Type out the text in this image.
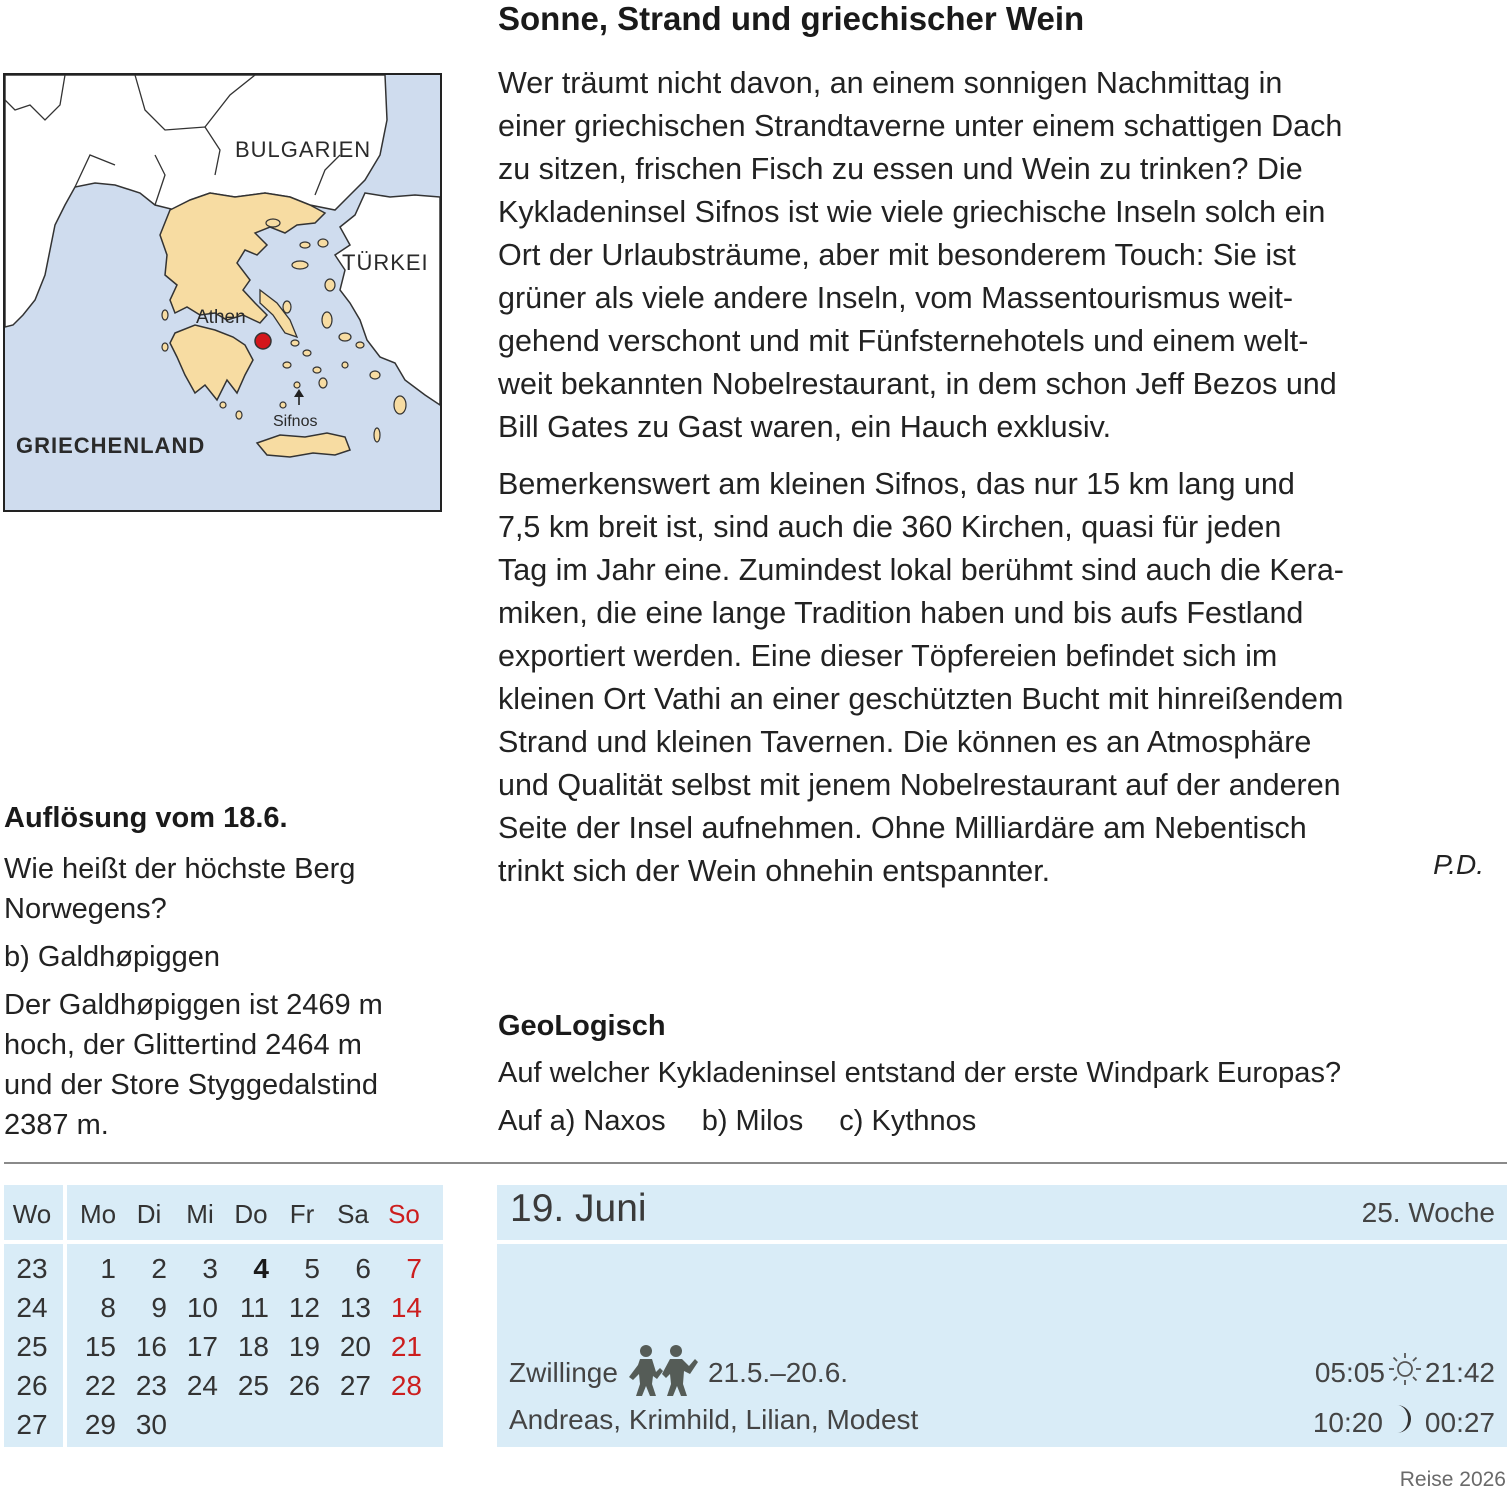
Sonne, Strand und griechischer Wein
Wer träumt nicht davon, an einem sonnigen Nachmittag in
einer griechischen Strandtaverne unter einem schattigen Dach
zu sitzen, frischen Fisch zu essen und Wein zu trinken? Die
Kykladeninsel Sifnos ist wie viele griechische Inseln solch ein
Ort der Urlaubsträume, aber mit besonderem Touch: Sie ist
grüner als viele andere Inseln, vom Massentourismus weit-
gehend verschont und mit Fünfsternehotels und einem welt-
weit bekannten Nobelrestaurant, in dem schon Jeff Bezos und
Bill Gates zu Gast waren, ein Hauch exklusiv.
Bemerkenswert am kleinen Sifnos, das nur 15 km lang und
7,5 km breit ist, sind auch die 360 Kirchen, quasi für jeden
Tag im Jahr eine. Zumindest lokal berühmt sind auch die Kera-
miken, die eine lange Tradition haben und bis aufs Festland
exportiert werden. Eine dieser Töpfereien befindet sich im
kleinen Ort Vathi an einer geschützten Bucht mit hinreißendem
Strand und kleinen Tavernen. Die können es an Atmosphäre
und Qualität selbst mit jenem Nobelrestaurant auf der anderen
Seite der Insel aufnehmen. Ohne Milliardäre am Nebentisch
trinkt sich der Wein ohnehin entspannter.	P.D.
BULGARIEN
TÜRKEI
Athen
Sifnos
GRIECHENLAND
Auflösung vom 18.6.
Wie heißt der höchste Berg
Norwegens?
b) Galdhøpiggen
Der Galdhøpiggen ist 2469 m
hoch, der Glittertind 2464 m
und der Store Styggedalstind
2387 m.
GeoLogisch
Auf welcher Kykladeninsel entstand der erste Windpark Europas?
Auf a) Naxos b) Milos c) Kythnos
Wo Mo Di Mi Do Fr Sa So
23	1	2	3	4	5	6	7
24	8	9 10 11 12 13 14
25	15 16 17 18 19 20 21
26	22 23 24 25 26 27 28
27	29 30
19. Juni	25. Woche
Zwillinge	21.5.–20.6.
Andreas, Krimhild, Lilian, Modest
05:05 21:42
10:20 00:27
Reise 2026
